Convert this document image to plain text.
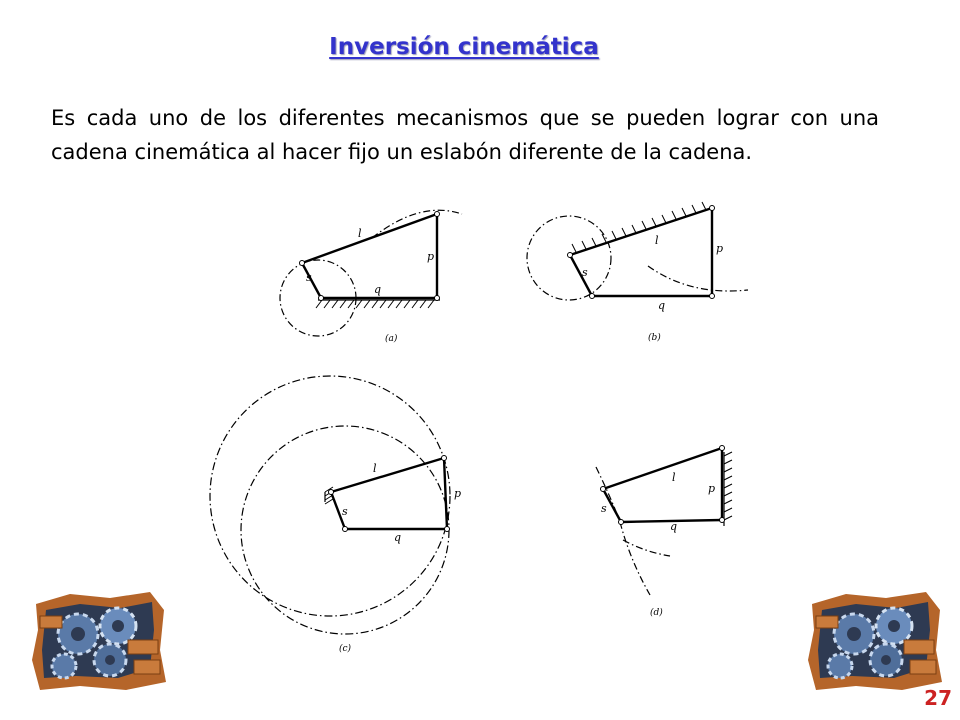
Inversión cinemática
Es cada uno de los diferentes mecanismos que se pueden lograr con una cadena cinemática al hacer fijo un eslabón diferente de la cadena.
l
p
s
q
(a)
l
p
s
q
(b)
l
p
s
q
(c)
l
p
s
q
(d)
27
